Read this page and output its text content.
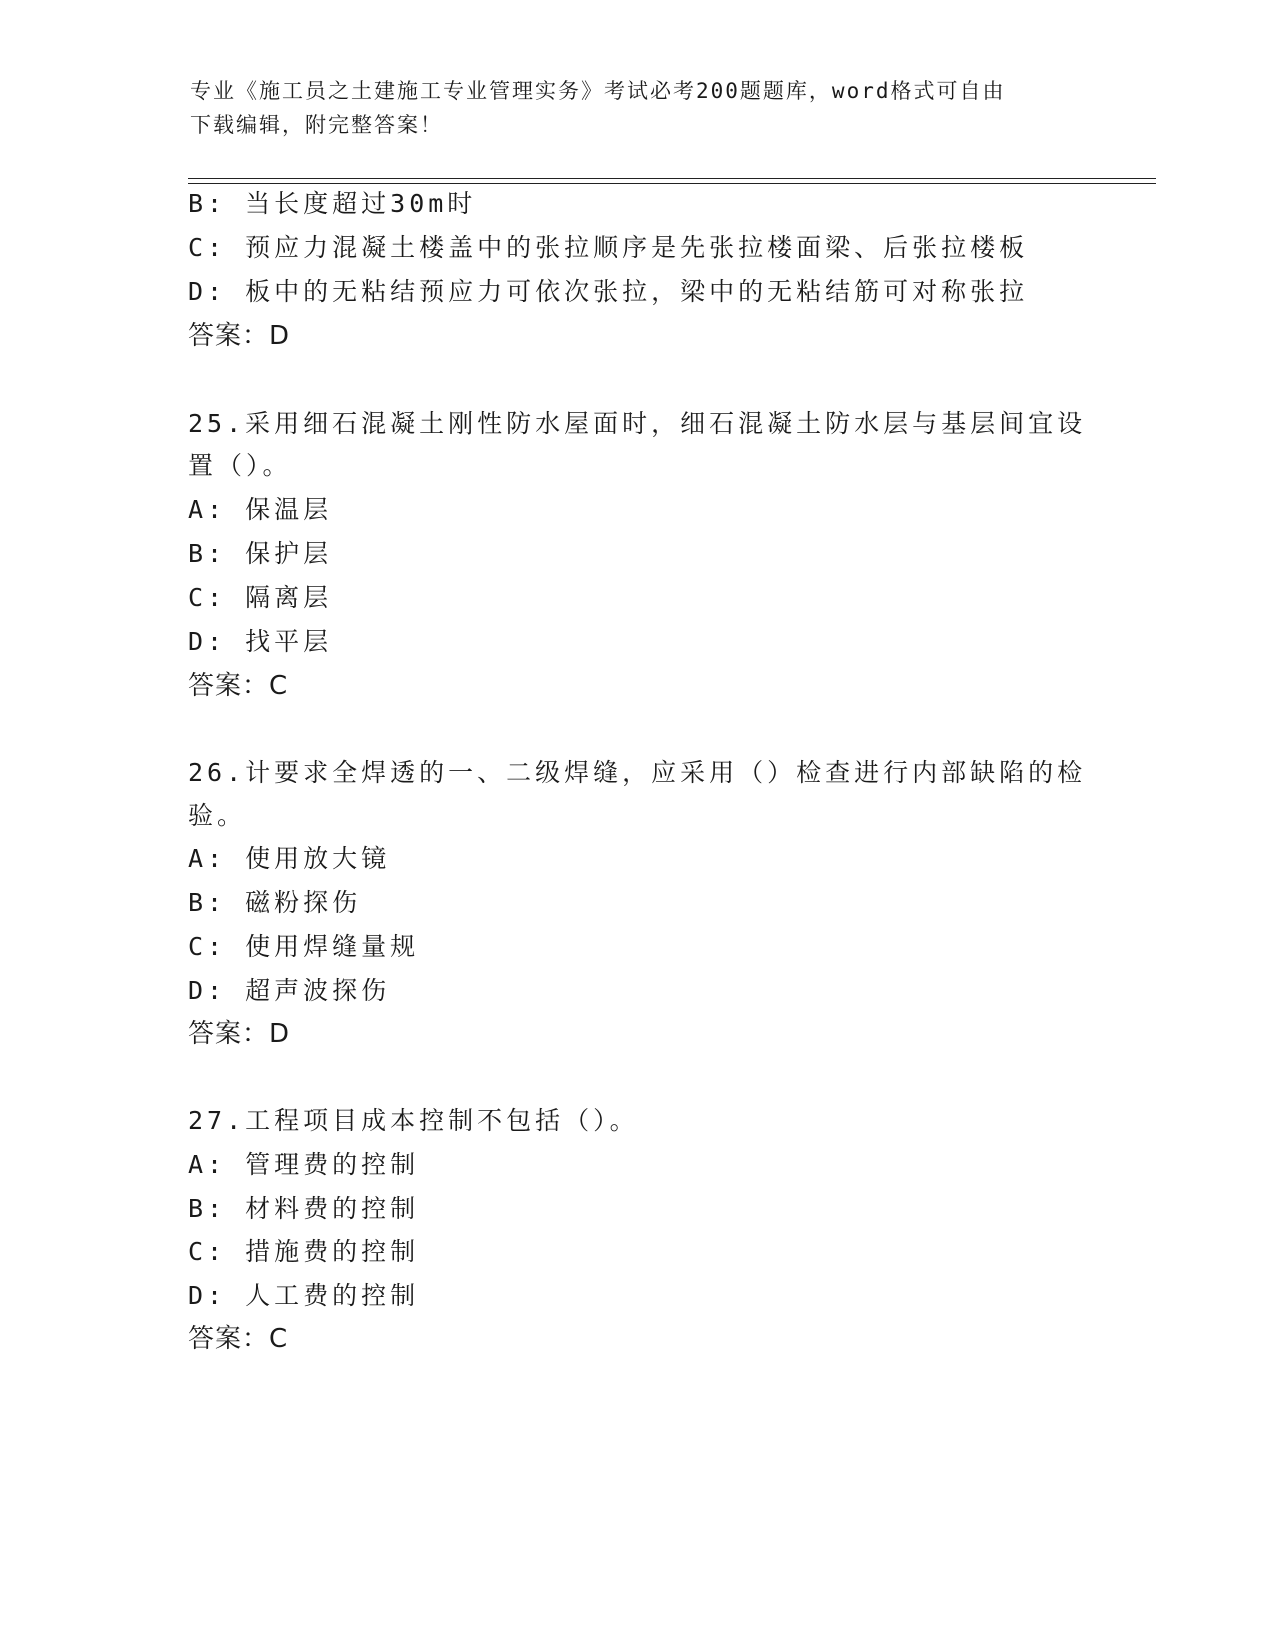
专业《施工员之土建施工专业管理实务》考试必考200题题库，word格式可自由
下载编辑，附完整答案！
B: 当长度超过30m时
C: 预应力混凝土楼盖中的张拉顺序是先张拉楼面梁、后张拉楼板
D: 板中的无粘结预应力可依次张拉，梁中的无粘结筋可对称张拉
答案：D
25.采用细石混凝土刚性防水屋面时，细石混凝土防水层与基层间宜设
置（）。
A: 保温层
B: 保护层
C: 隔离层
D: 找平层
答案：C
26.计要求全焊透的一、二级焊缝，应采用（）检查进行内部缺陷的检
验。
A: 使用放大镜
B: 磁粉探伤
C: 使用焊缝量规
D: 超声波探伤
答案：D
27.工程项目成本控制不包括（）。
A: 管理费的控制
B: 材料费的控制
C: 措施费的控制
D: 人工费的控制
答案：C
